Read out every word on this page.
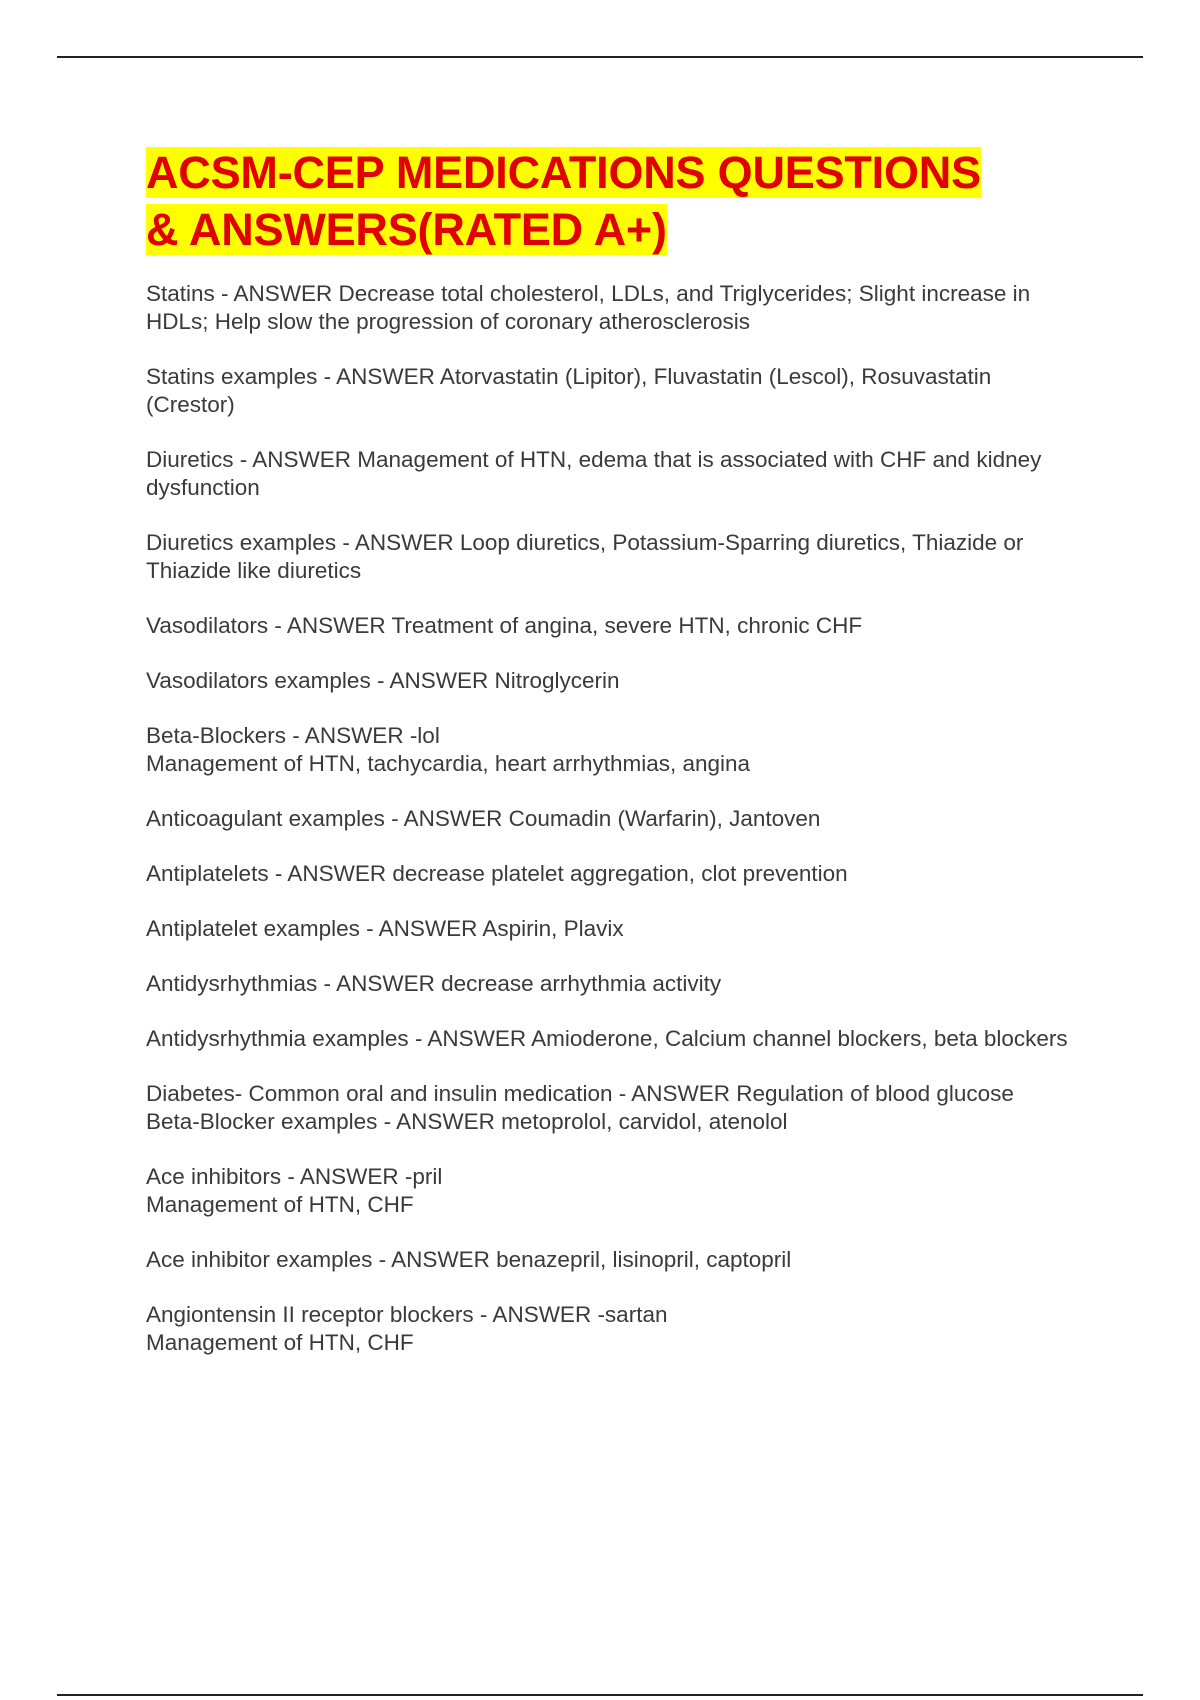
ACSM-CEP MEDICATIONS QUESTIONS
& ANSWERS(RATED A+)

Statins - ANSWER Decrease total cholesterol, LDLs, and Triglycerides; Slight increase in HDLs; Help slow the progression of coronary atherosclerosis

Statins examples - ANSWER Atorvastatin (Lipitor), Fluvastatin (Lescol), Rosuvastatin (Crestor)

Diuretics - ANSWER Management of HTN, edema that is associated with CHF and kidney dysfunction

Diuretics examples - ANSWER Loop diuretics, Potassium-Sparring diuretics, Thiazide or Thiazide like diuretics

Vasodilators - ANSWER Treatment of angina, severe HTN, chronic CHF

Vasodilators examples - ANSWER Nitroglycerin

Beta-Blockers - ANSWER -lol
Management of HTN, tachycardia, heart arrhythmias, angina

Anticoagulant examples - ANSWER Coumadin (Warfarin), Jantoven

Antiplatelets - ANSWER decrease platelet aggregation, clot prevention

Antiplatelet examples - ANSWER Aspirin, Plavix

Antidysrhythmias - ANSWER decrease arrhythmia activity

Antidysrhythmia examples - ANSWER Amioderone, Calcium channel blockers, beta blockers

Diabetes- Common oral and insulin medication - ANSWER Regulation of blood glucose
Beta-Blocker examples - ANSWER metoprolol, carvidol, atenolol

Ace inhibitors - ANSWER -pril
Management of HTN, CHF

Ace inhibitor examples - ANSWER benazepril, lisinopril, captopril

Angiontensin II receptor blockers - ANSWER -sartan
Management of HTN, CHF
